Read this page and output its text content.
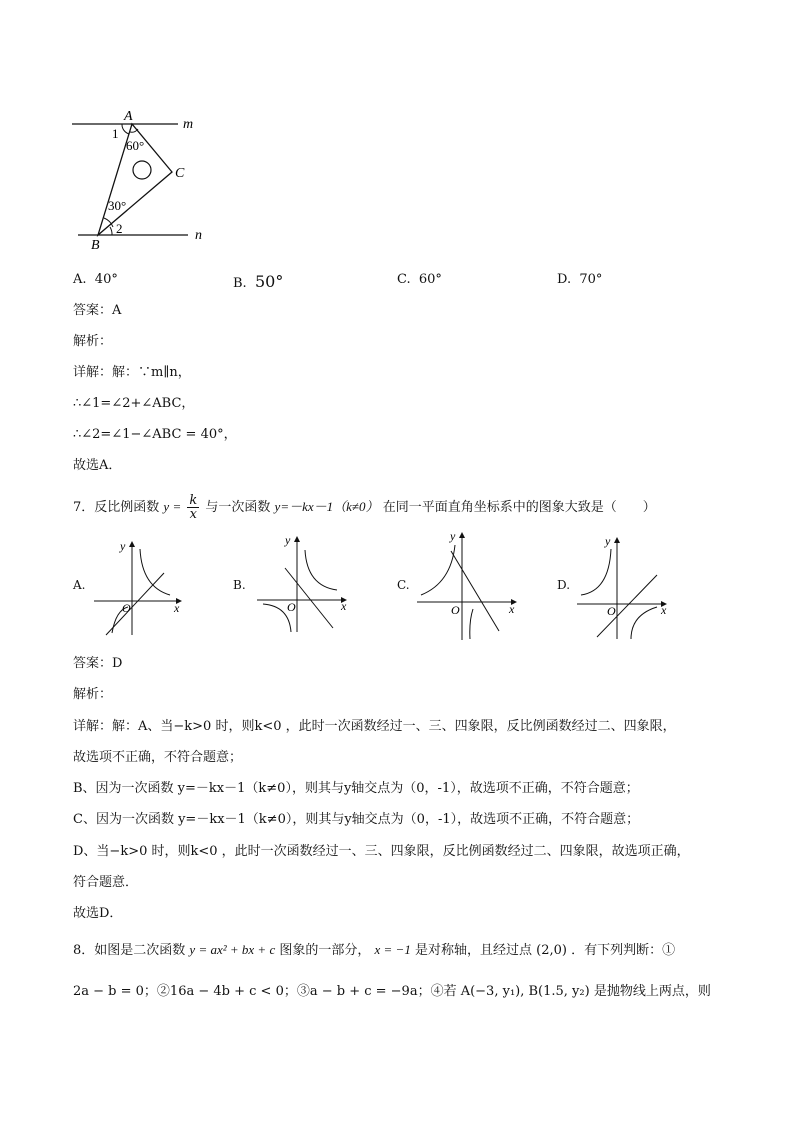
A
B
C
m
n
1
2
60°
30°
A. 40°	B. 50°	C. 60°	D. 70°
答案：A
解析：
详解：解：∵m∥n，
∴∠1=∠2+∠ABC，
∴∠2=∠1−∠ABC = 40°，
故选A．
7．反比例函数 $y = \frac{k}{x}$ 与一次函数 y=－kx－1（k≠0） 在同一平面直角坐标系中的图象大致是（　　）
A.
y
x
O
B.
y
x
O
C.
y
x
O
D.
y
x
O
答案：D
解析：
详解：解：A、当−k>0 时，则k<0 ，此时一次函数经过一、三、四象限，反比例函数经过二、四象限，
故选项不正确，不符合题意；
B、因为一次函数 y=－kx－1（k≠0），则其与y轴交点为（0，-1），故选项不正确，不符合题意；
C、因为一次函数 y=－kx－1（k≠0），则其与y轴交点为（0，-1），故选项不正确，不符合题意；
D、当−k>0 时，则k<0 ，此时一次函数经过一、三、四象限，反比例函数经过二、四象限，故选项正确，
符合题意．
故选D．
8．如图是二次函数 y = ax² + bx + c 图象的一部分， x = −1 是对称轴，且经过点 (2,0) ．有下列判断：①
2a − b = 0；②16a − 4b + c < 0；③a − b + c = −9a；④若 A(−3, y₁), B(1.5, y₂) 是抛物线上两点，则
